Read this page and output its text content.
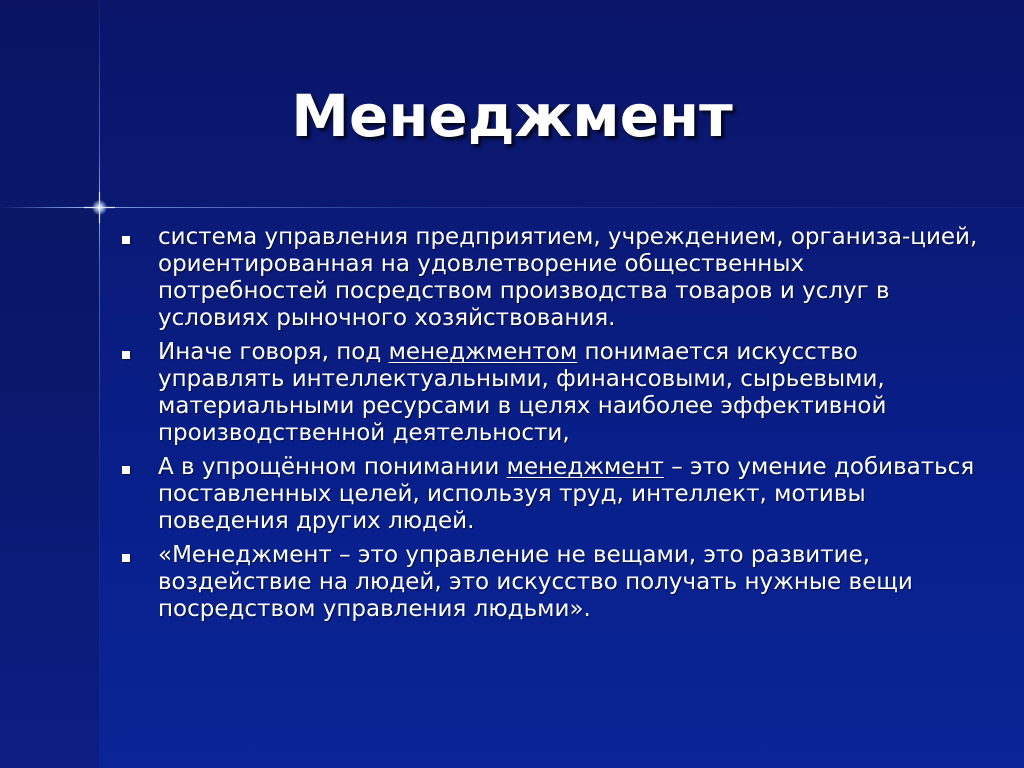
Менеджмент
система управления предприятием, учреждением, организа-цией, ориентированная на удовлетворение общественных потребностей посредством производства товаров и услуг в условиях рыночного хозяйствования.
Иначе говоря, под менеджментом понимается искусство управлять интеллектуальными, финансовыми, сырьевыми, материальными ресурсами в целях наиболее эффективной производственной деятельности,
А в упрощённом понимании менеджмент – это умение добиваться поставленных целей, используя труд, интеллект, мотивы поведения других людей.
«Менеджмент – это управление не вещами, это развитие, воздействие на людей, это искусство получать нужные вещи посредством управления людьми».
